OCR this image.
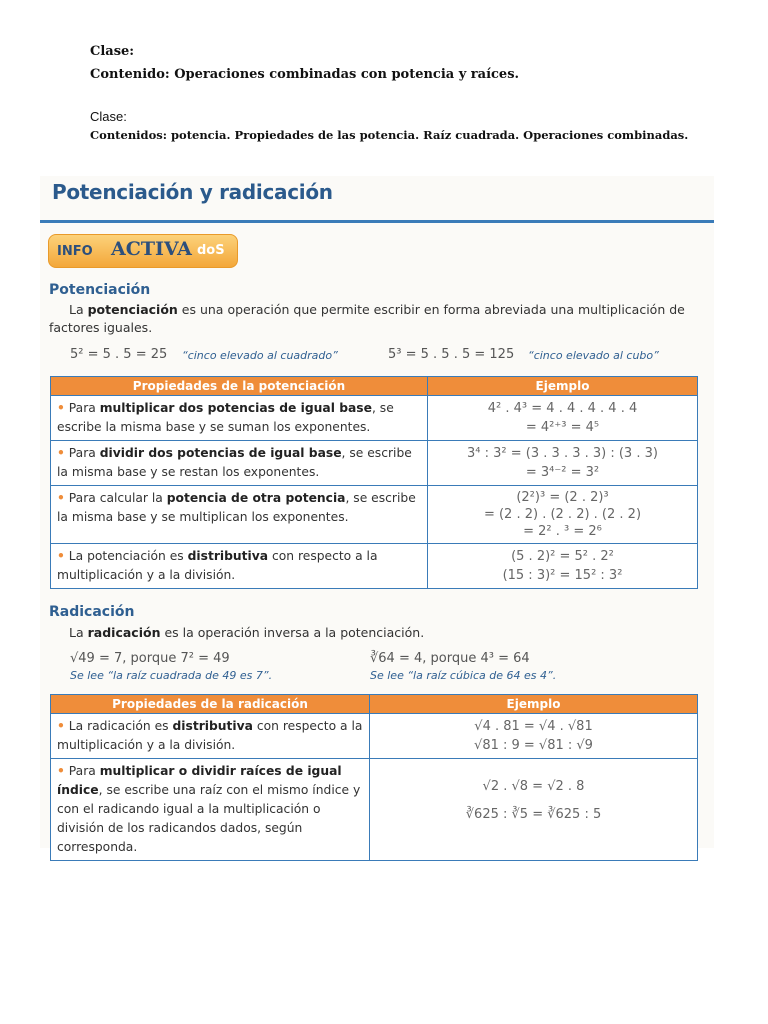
Clase:
Contenido: Operaciones combinadas con potencia y raíces.
Clase:
Contenidos: potencia. Propiedades de las potencia. Raíz cuadrada. Operaciones combinadas.
Potenciación y radicación
INFO ACTIVA doS
Potenciación
La potenciación es una operación que permite escribir en forma abreviada una multiplicación de factores iguales.
5² = 5 . 5 = 25 “cinco elevado al cuadrado”	5³ = 5 . 5 . 5 = 125 “cinco elevado al cubo”
Propiedades de la potenciación	Ejemplo
• Para multiplicar dos potencias de igual base, se escribe la misma base y se suman los exponentes.	4² . 4³ = 4 . 4 . 4 . 4 . 4
= 4²⁺³ = 4⁵

• Para dividir dos potencias de igual base, se escribe la misma base y se restan los exponentes.	3⁴ : 3² = (3 . 3 . 3 . 3) : (3 . 3)
= 3⁴⁻² = 3²

• Para calcular la potencia de otra potencia, se escribe la misma base y se multiplican los exponentes.	(2²)³ = (2 . 2)³
= (2 . 2) . (2 . 2) . (2 . 2)
= 2² . ³ = 2⁶

• La potenciación es distributiva con respecto a la multiplicación y a la división.	(5 . 2)² = 5² . 2²
(15 : 3)² = 15² : 3²
Radicación
La radicación es la operación inversa a la potenciación.
√49 = 7, porque 7² = 49
Se lee “la raíz cuadrada de 49 es 7”.
∛64 = 4, porque 4³ = 64
Se lee “la raíz cúbica de 64 es 4”.
Propiedades de la radicación	Ejemplo
• La radicación es distributiva con respecto a la multiplicación y a la división.	√4 . 81 = √4 . √81
√81 : 9 = √81 : √9

• Para multiplicar o dividir raíces de igual índice, se escribe una raíz con el mismo índice y con el radicando igual a la multiplicación o división de los radicandos dados, según corresponda.	√2 . √8 = √2 . 8
∛625 : ∛5 = ∛625 : 5
